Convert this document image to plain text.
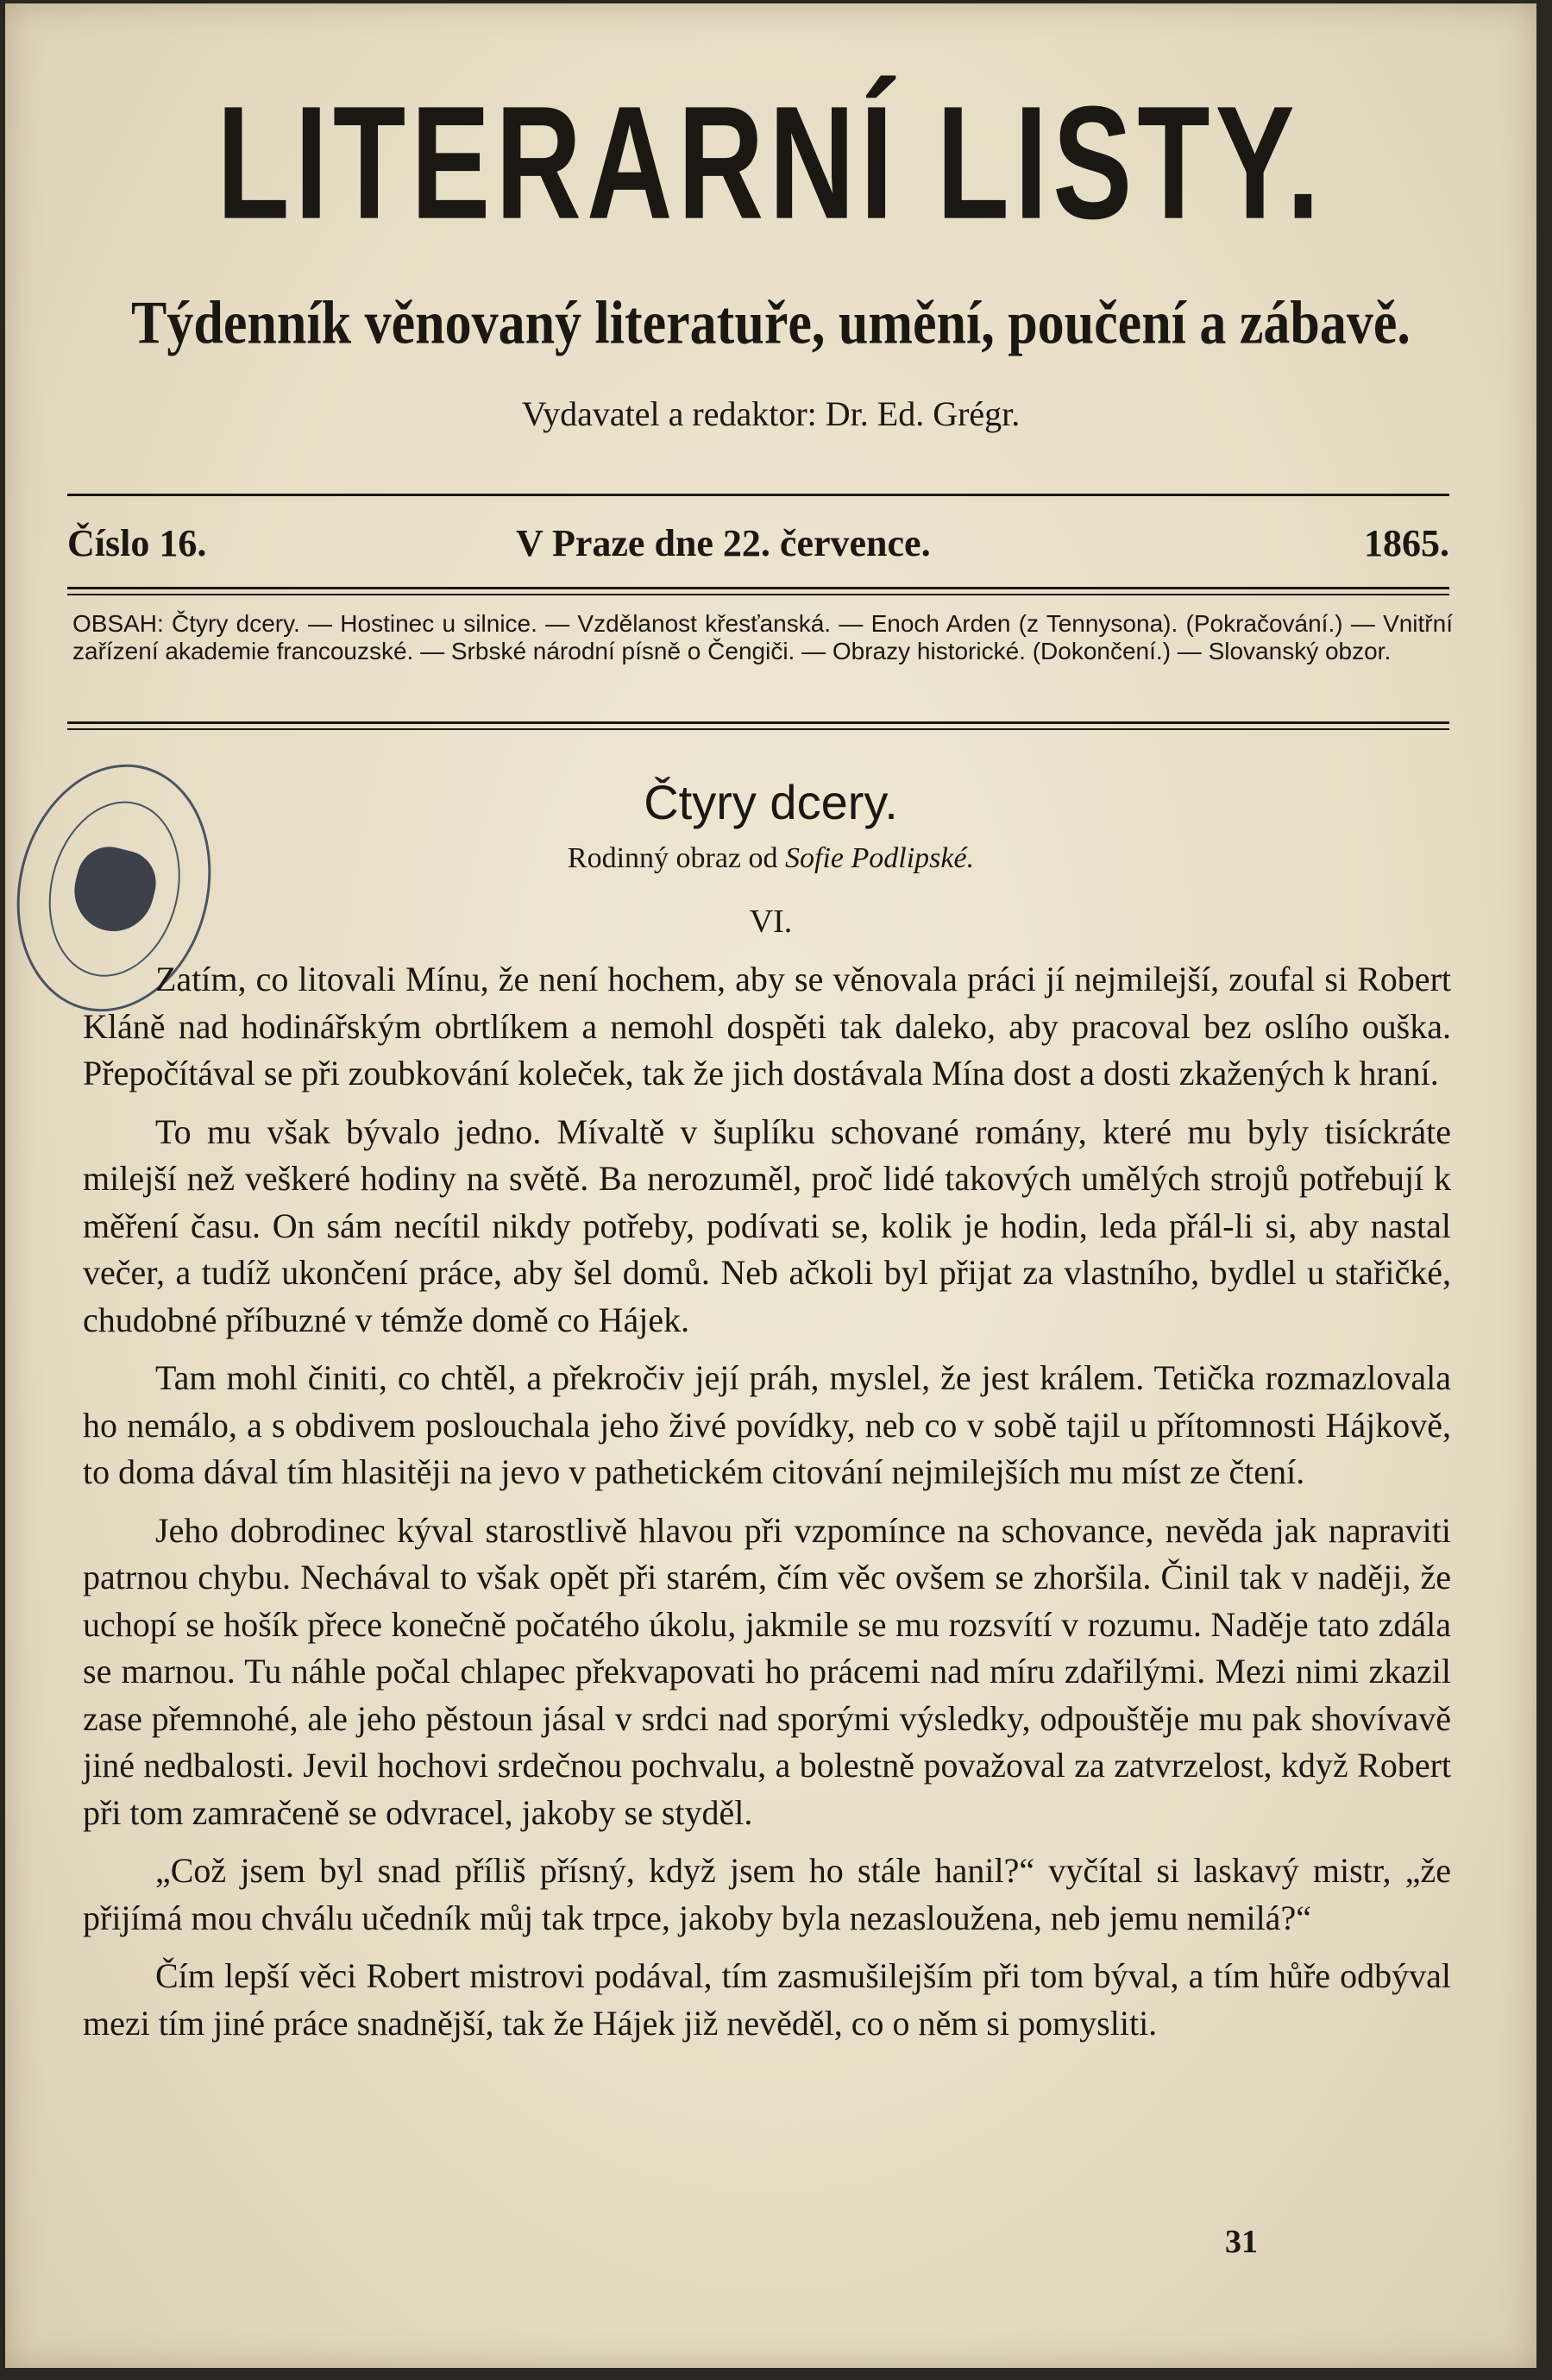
LITERARNÍ LISTY.
Týdenník věnovaný literatuře, umění, poučení a zábavě.
Vydavatel a redaktor: Dr. Ed. Grégr.
Číslo 16.	V Praze dne 22. července.	1865.
OBSAH: Čtyry dcery. — Hostinec u silnice. — Vzdělanost křesťanská. — Enoch Arden (z Tennysona). (Pokračování.) — Vnitřní zařízení akademie francouzské. — Srbské národní písně o Čengiči. — Obrazy historické. (Dokončení.) — Slovanský obzor.
Čtyry dcery.
Rodinný obraz od Sofie Podlipské.
VI.

Zatím, co litovali Mínu, že není hochem, aby se věnovala práci jí nejmilejší, zoufal si Robert Kláně nad hodinářským obrtlíkem a nemohl dospěti tak daleko, aby pracoval bez oslího ouška. Přepočítával se při zoubkování koleček, tak že jich dostávala Mína dost a dosti zkažených k hraní.

To mu však bývalo jedno. Mívaltě v šuplíku schované romány, které mu byly tisíckráte milejší než veškeré hodiny na světě. Ba nerozuměl, proč lidé takových umělých strojů potřebují k měření času. On sám necítil nikdy potřeby, podívati se, kolik je hodin, leda přál-li si, aby nastal večer, a tudíž ukončení práce, aby šel domů. Neb ačkoli byl přijat za vlastního, bydlel u stařičké, chudobné příbuzné v témže domě co Hájek.

Tam mohl činiti, co chtěl, a překročiv její práh, myslel, že jest králem. Tetička rozmazlovala ho nemálo, a s obdivem poslouchala jeho živé povídky, neb co v sobě tajil u přítomnosti Hájkově, to doma dával tím hlasitěji na jevo v pathetickém citování nejmilejších mu míst ze čtení.

Jeho dobrodinec kýval starostlivě hlavou při vzpomínce na schovance, nevěda jak napraviti patrnou chybu. Nechával to však opět při starém, čím věc ovšem se zhoršila. Činil tak v naději, že uchopí se hošík přece konečně počatého úkolu, jakmile se mu rozsvítí v rozumu. Naděje tato zdála se marnou. Tu náhle počal chlapec překvapovati ho prácemi nad míru zdařilými. Mezi nimi zkazil zase přemnohé, ale jeho pěstoun jásal v srdci nad sporými výsledky, odpouštěje mu pak shovívavě jiné nedbalosti. Jevil hochovi srdečnou pochvalu, a bolestně považoval za zatvrzelost, když Robert při tom zamračeně se odvracel, jakoby se styděl.

„Což jsem byl snad příliš přísný, když jsem ho stále hanil?“ vyčítal si laskavý mistr, „že přijímá mou chválu učedník můj tak trpce, jakoby byla nezasloužena, neb jemu nemilá?“

Čím lepší věci Robert mistrovi podával, tím zasmušilejším při tom býval, a tím hůře odbýval mezi tím jiné práce snadnější, tak že Hájek již nevěděl, co o něm si pomysliti.

31
